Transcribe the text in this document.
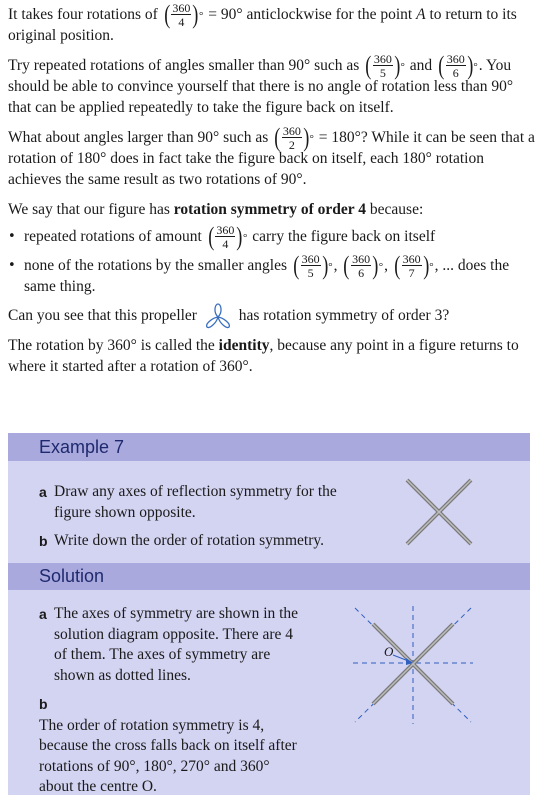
It takes four rotations of ( $\frac{360}{4}$ ) ° = 90° anticlockwise for the point A to return to its original position.

Try repeated rotations of angles smaller than 90° such as ( $\frac{360}{5}$ ) ° and ( $\frac{360}{6}$ ) ° . You should be able to convince yourself that there is no angle of rotation less than 90° that can be applied repeatedly to take the figure back on itself.

What about angles larger than 90° such as ( $\frac{360}{2}$ ) ° = 180°? While it can be seen that a rotation of 180° does in fact take the figure back on itself, each 180° rotation achieves the same result as two rotations of 90°.

We say that our figure has rotation symmetry of order 4 because:

• repeated rotations of amount ( $\frac{360}{4}$ ) ° carry the figure back on itself
• none of the rotations by the smaller angles ( $\frac{360}{5}$ ) ° , ( $\frac{360}{6}$ ) ° , ( $\frac{360}{7}$ ) ° , ... does the same thing.

Can you see that this propeller	has rotation symmetry of order 3?

The rotation by 360° is called the identity, because any point in a figure returns to where it started after a rotation of 360°.

Example 7
a Draw any axes of reflection symmetry for the figure shown opposite.
b Write down the order of rotation symmetry.
Solution
a The axes of symmetry are shown in the solution diagram opposite. There are 4 of them. The axes of symmetry are shown as dotted lines.
bThe order of rotation symmetry is 4, because the cross falls back on itself after rotations of 90°, 180°, 270° and 360° about the centre O.
O
